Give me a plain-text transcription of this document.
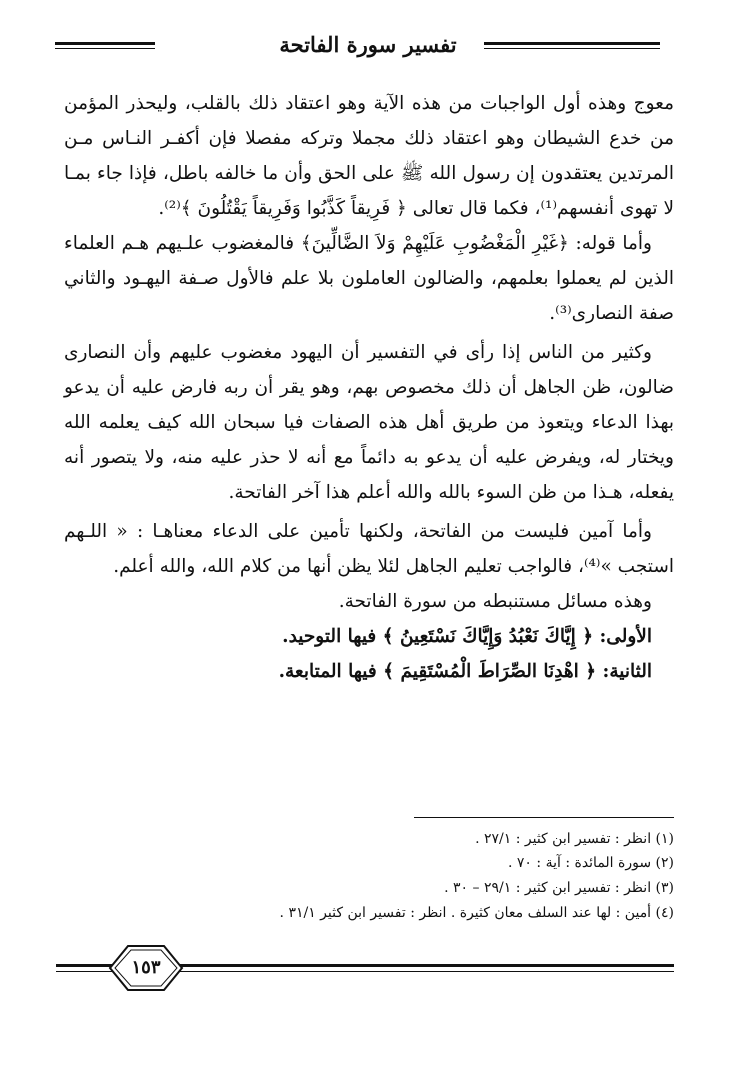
تفسير سورة الفاتحة

معوج وهذه أول الواجبات من هذه الآية وهو اعتقاد ذلك بالقلب، وليحذر المؤمن من خدع الشيطان وهو اعتقاد ذلك مجملا وتركه مفصلا فإن أكفـر النـاس مـن المرتدين يعتقدون إن رسول الله ﷺ على الحق وأن ما خالفه باطل، فإذا جاء بمـا لا تهوى أنفسهم⁽¹⁾، فكما قال تعالى ﴿ فَرِيقاً كَذَّبُوا وَفَرِيقاً يَقْتُلُونَ ﴾⁽²⁾.

وأما قوله: ﴿غَيْرِ الْمَغْضُوبِ عَلَيْهِمْ وَلاَ الضَّالِّينَ﴾ فالمغضوب علـيهم هـم العلماء الذين لم يعملوا بعلمهم، والضالون العاملون بلا علم فالأول صـفة اليهـود والثاني صفة النصارى⁽³⁾.

وكثير من الناس إذا رأى في التفسير أن اليهود مغضوب عليهم وأن النصارى ضالون، ظن الجاهل أن ذلك مخصوص بهم، وهو يقر أن ربه فارض عليه أن يدعو بهذا الدعاء ويتعوذ من طريق أهل هذه الصفات فيا سبحان الله كيف يعلمه الله ويختار له، ويفرض عليه أن يدعو به دائماً مع أنه لا حذر عليه منه، ولا يتصور أنه يفعله، هـذا من ظن السوء بالله والله أعلم هذا آخر الفاتحة.

وأما آمين فليست من الفاتحة، ولكنها تأمين على الدعاء معناهـا : « اللـهم استجب »⁽⁴⁾، فالواجب تعليم الجاهل لئلا يظن أنها من كلام الله، والله أعلم.

وهذه مسائل مستنبطه من سورة الفاتحة.

الأولى: ﴿ إِيَّاكَ نَعْبُدُ وَإِيَّاكَ نَسْتَعِينُ ﴾ فيها التوحيد.

الثانية: ﴿ اهْدِنَا الصِّرَاطَ الْمُسْتَقِيمَ ﴾ فيها المتابعة.

(١) انظر : تفسير ابن كثير : ٢٧/١ .

(٢) سورة المائدة : آية : ٧٠ .

(٣) انظر : تفسير ابن كثير : ٢٩/١ – ٣٠ .

(٤) أمين : لها عند السلف معان كثيرة . انظر : تفسير ابن كثير ٣١/١ .

١٥٣
